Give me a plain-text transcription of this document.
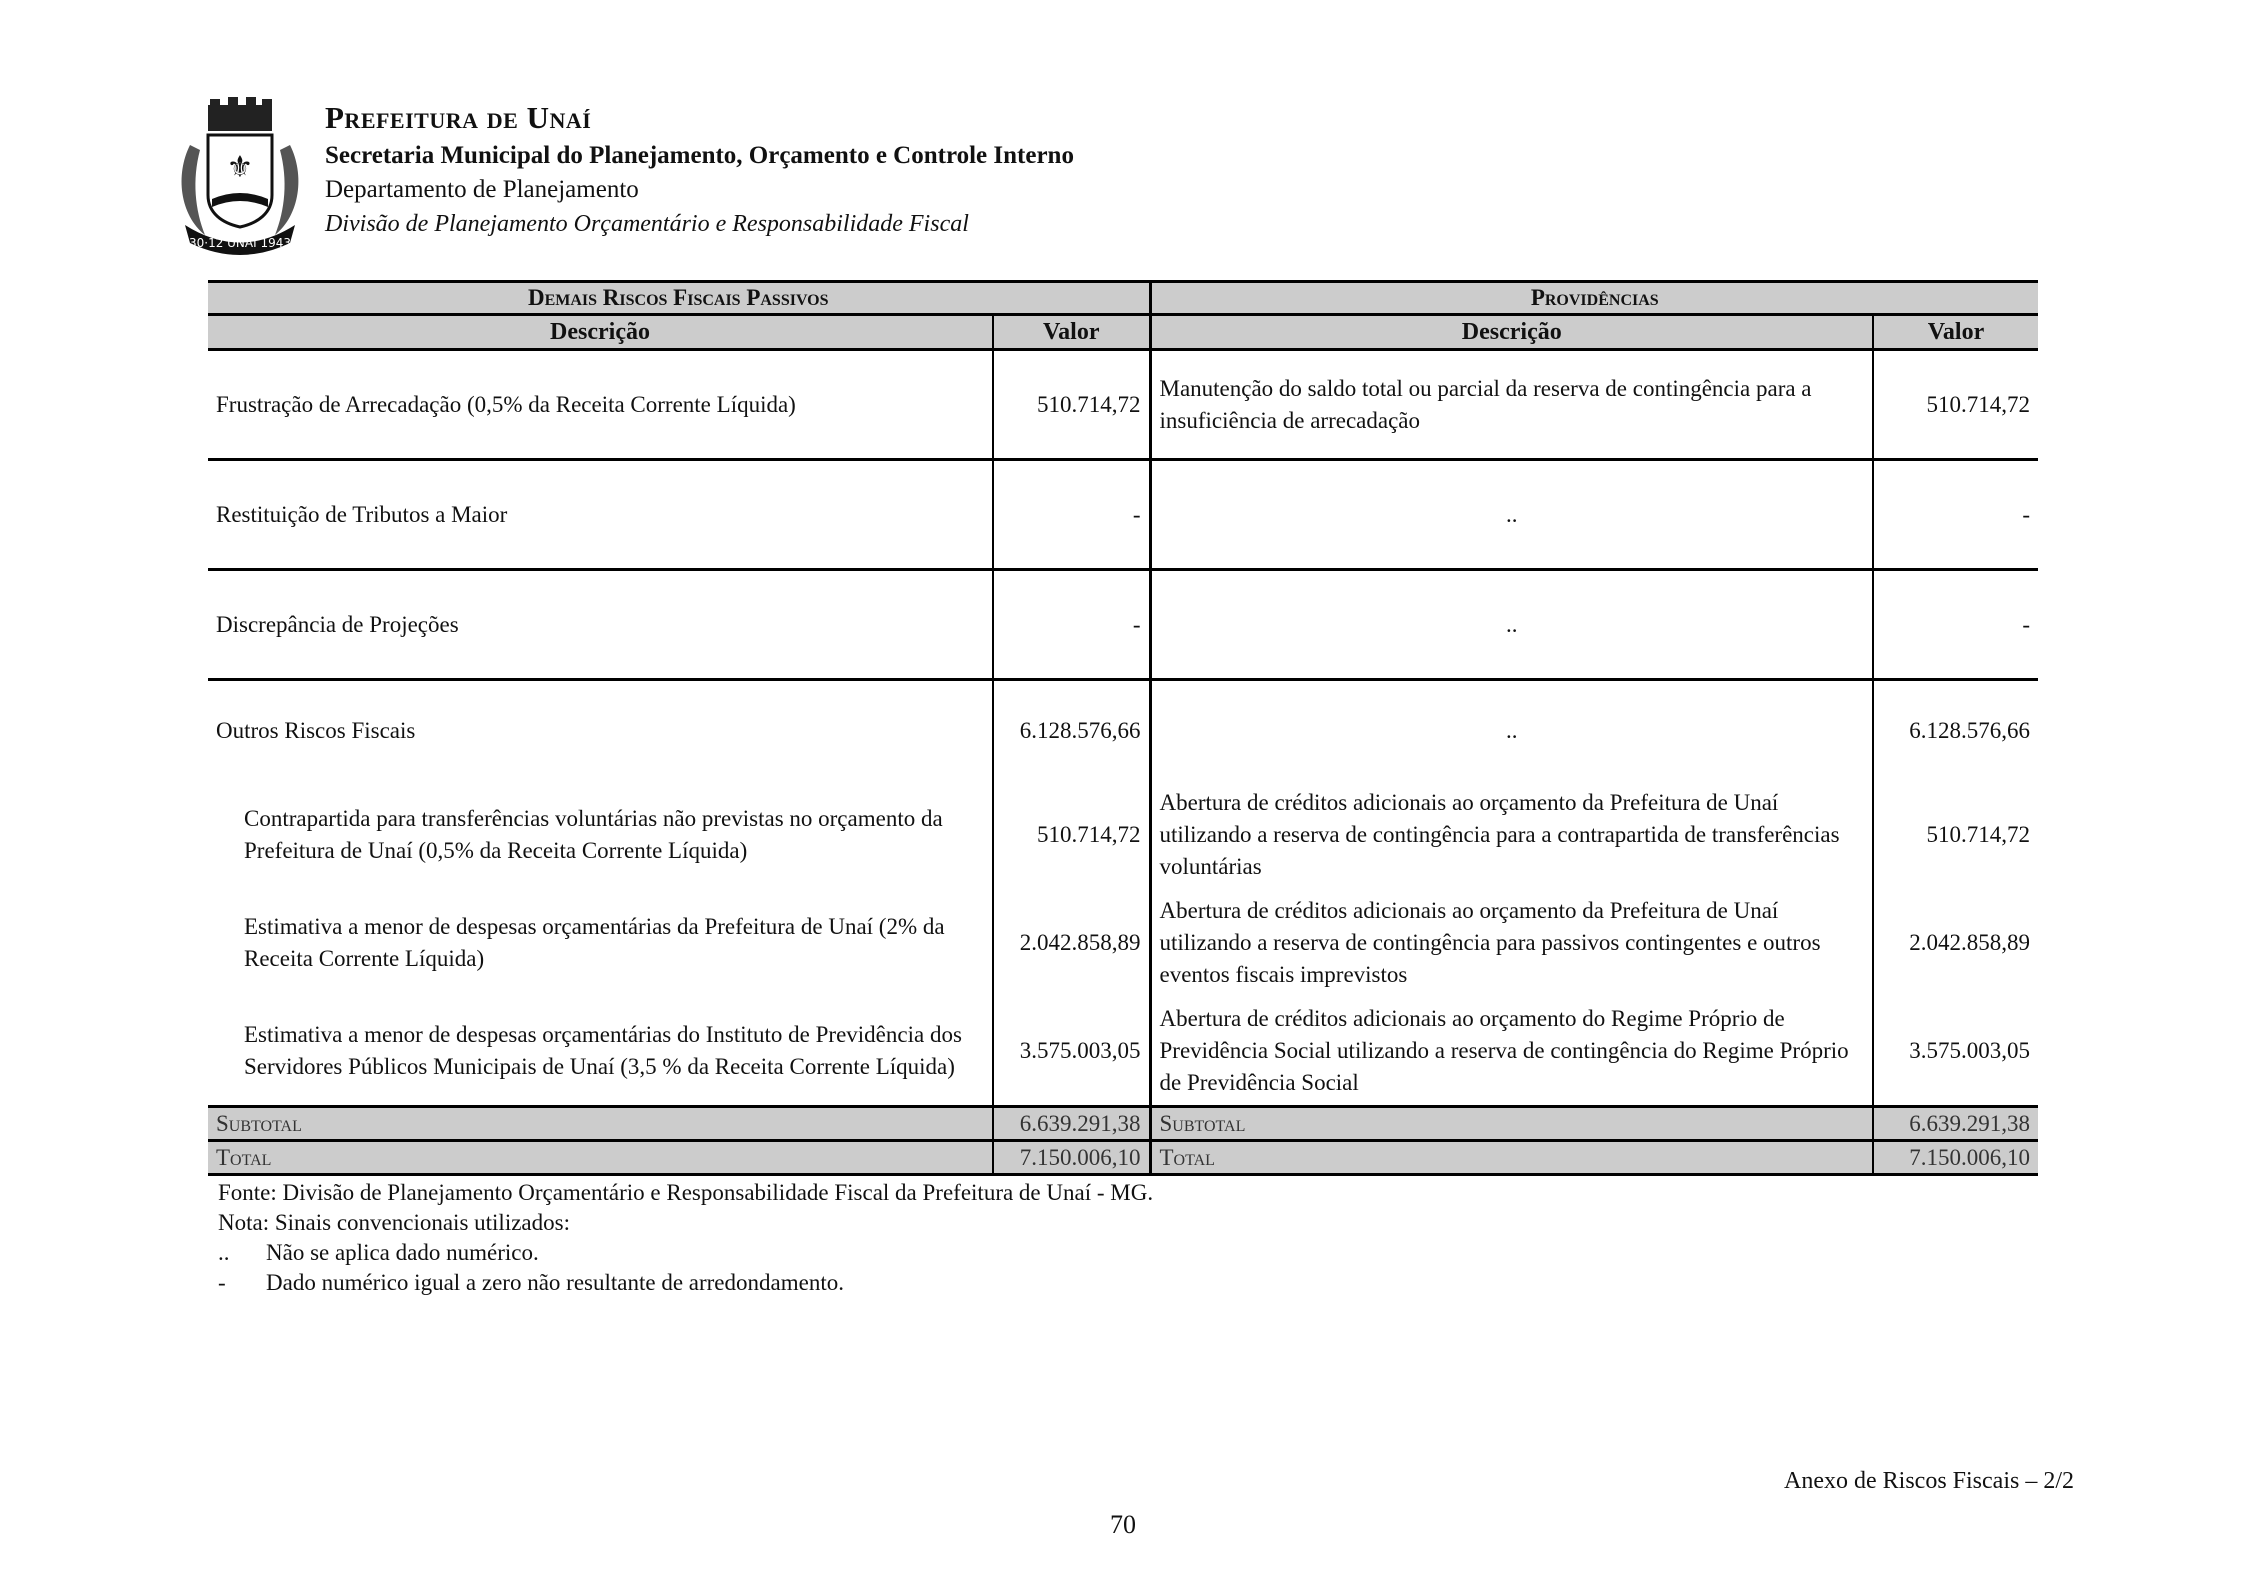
⚜
30·12 UNAÍ 1943
Prefeitura de Unaí
Secretaria Municipal do Planejamento, Orçamento e Controle Interno
Departamento de Planejamento
Divisão de Planejamento Orçamentário e Responsabilidade Fiscal
Demais Riscos Fiscais Passivos		Providências	
Descrição	Valor	Descrição	Valor
Frustração de Arrecadação (0,5% da Receita Corrente Líquida)	510.714,72	Manutenção do saldo total ou parcial da reserva de contingência para a insuficiência de arrecadação	510.714,72
Restituição de Tributos a Maior	-	..	-
Discrepância de Projeções	-	..	-
Outros Riscos Fiscais	6.128.576,66	..	6.128.576,66
Contrapartida para transferências voluntárias não previstas no orçamento da Prefeitura de Unaí (0,5% da Receita Corrente Líquida)	510.714,72	Abertura de créditos adicionais ao orçamento da Prefeitura de Unaí utilizando a reserva de contingência para a contrapartida de transferências voluntárias	510.714,72
Estimativa a menor de despesas orçamentárias da Prefeitura de Unaí (2% da Receita Corrente Líquida)	2.042.858,89	Abertura de créditos adicionais ao orçamento da Prefeitura de Unaí utilizando a reserva de contingência para passivos contingentes e outros eventos fiscais imprevistos	2.042.858,89
Estimativa a menor de despesas orçamentárias do Instituto de Previdência dos Servidores Públicos Municipais de Unaí (3,5 % da Receita Corrente Líquida)	3.575.003,05	Abertura de créditos adicionais ao orçamento do Regime Próprio de Previdência Social utilizando a reserva de contingência do Regime Próprio de Previdência Social	3.575.003,05
Subtotal	6.639.291,38	Subtotal	6.639.291,38
Total	7.150.006,10	Total	7.150.006,10
Fonte: Divisão de Planejamento Orçamentário e Responsabilidade Fiscal da Prefeitura de Unaí - MG.
Nota: Sinais convencionais utilizados:
.. Não se aplica dado numérico.
- Dado numérico igual a zero não resultante de arredondamento.
Anexo de Riscos Fiscais – 2/2
70
